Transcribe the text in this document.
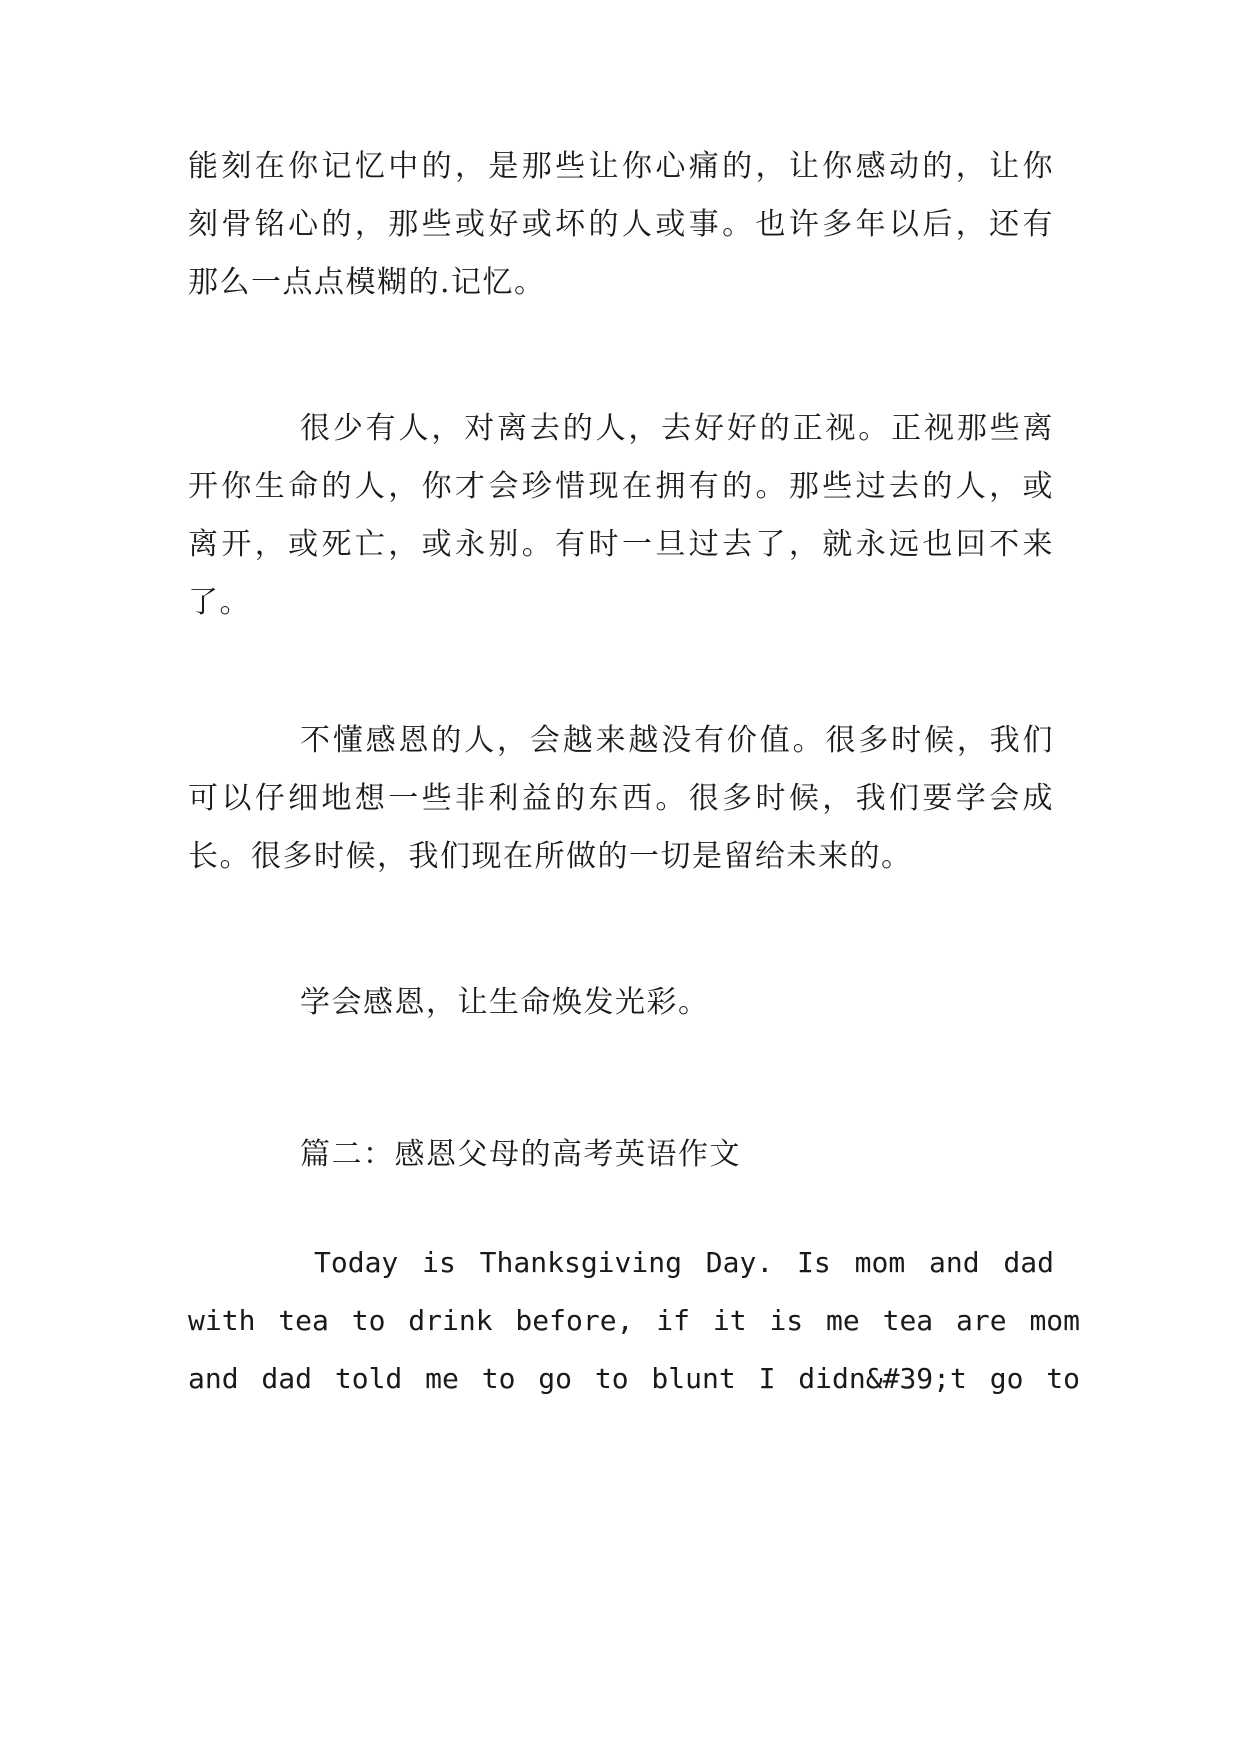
能刻在你记忆中的，是那些让你心痛的，让你感动的，让你
刻骨铭心的，那些或好或坏的人或事。也许多年以后，还有
那么一点点模糊的.记忆。
很少有人，对离去的人，去好好的正视。正视那些离
开你生命的人，你才会珍惜现在拥有的。那些过去的人，或
离开，或死亡，或永别。有时一旦过去了，就永远也回不来
了。
不懂感恩的人，会越来越没有价值。很多时候，我们
可以仔细地想一些非利益的东西。很多时候，我们要学会成
长。很多时候，我们现在所做的一切是留给未来的。
学会感恩，让生命焕发光彩。
篇二：感恩父母的高考英语作文
Today is Thanksgiving Day. Is mom and dad
with tea to drink before, if it is me tea are mom
and dad told me to go to blunt I didn&#39;t go to
